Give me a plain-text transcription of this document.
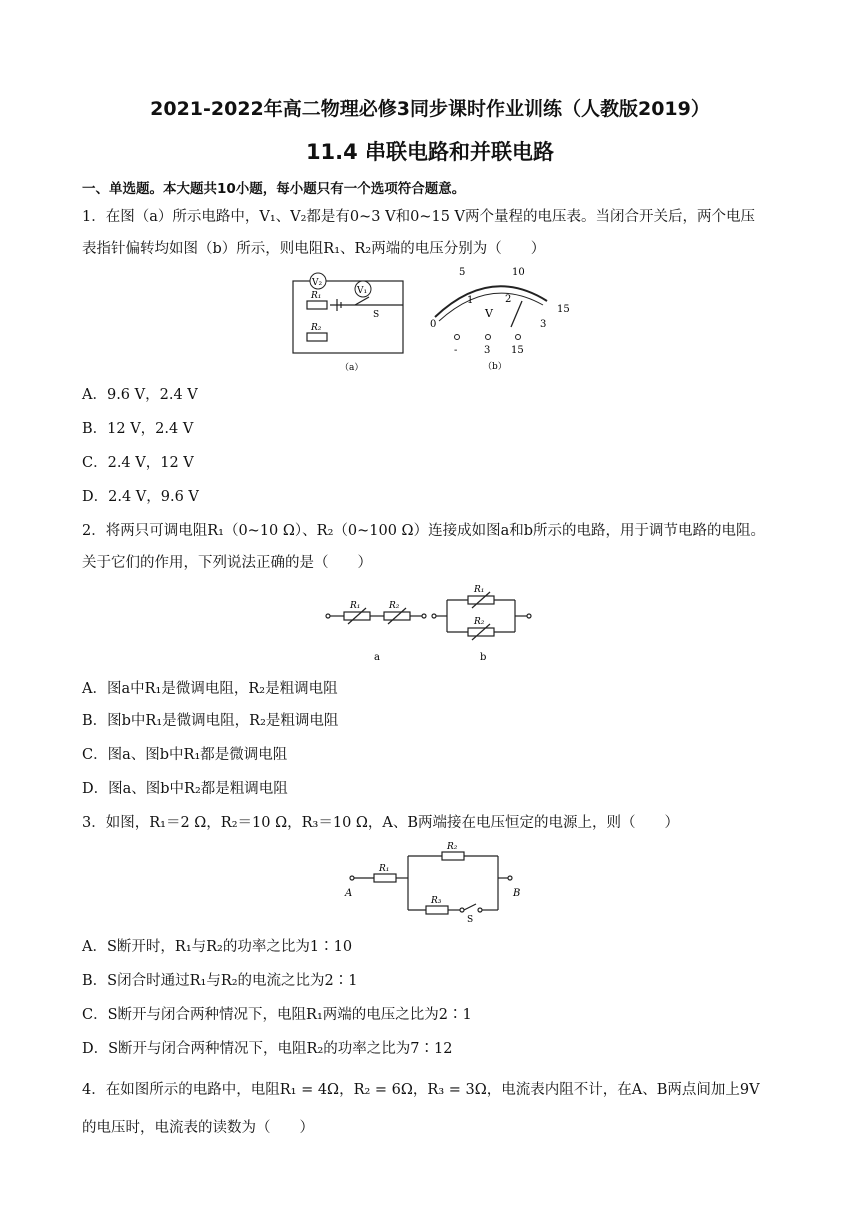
2021-2022年高二物理必修3同步课时作业训练（人教版2019）
11.4 串联电路和并联电路
一、单选题。本大题共10小题，每小题只有一个选项符合题意。
1．在图（a）所示电路中，V₁、V₂都是有0~3 V和0~15 V两个量程的电压表。当闭合开关后，两个电压
表指针偏转均如图（b）所示，则电阻R₁、R₂两端的电压分别为（　　）
V₂
V₁
R₁
R₂
S
（a）
5	10
15
0
1	2
3
V
-	3 15
（b）
A．9.6 V，2.4 V
B．12 V，2.4 V
C．2.4 V，12 V
D．2.4 V，9.6 V
2．将两只可调电阻R₁（0~10 Ω）、R₂（0~100 Ω）连接成如图a和b所示的电路，用于调节电路的电阻。
关于它们的作用，下列说法正确的是（　　）
R₁	R₂
R₁
R₂
a	b
A．图a中R₁是微调电阻，R₂是粗调电阻
B．图b中R₁是微调电阻，R₂是粗调电阻
C．图a、图b中R₁都是微调电阻
D．图a、图b中R₂都是粗调电阻
3．如图，R₁＝2 Ω，R₂＝10 Ω，R₃＝10 Ω，A、B两端接在电压恒定的电源上，则（　　）
A	B
R₁
R₂
R₃
S
A．S断开时，R₁与R₂的功率之比为1∶10
B．S闭合时通过R₁与R₂的电流之比为2∶1
C．S断开与闭合两种情况下，电阻R₁两端的电压之比为2∶1
D．S断开与闭合两种情况下，电阻R₂的功率之比为7∶12
4．在如图所示的电路中，电阻R₁ = 4Ω，R₂ = 6Ω，R₃ = 3Ω，电流表内阻不计，在A、B两点间加上9V
的电压时，电流表的读数为（　　）
